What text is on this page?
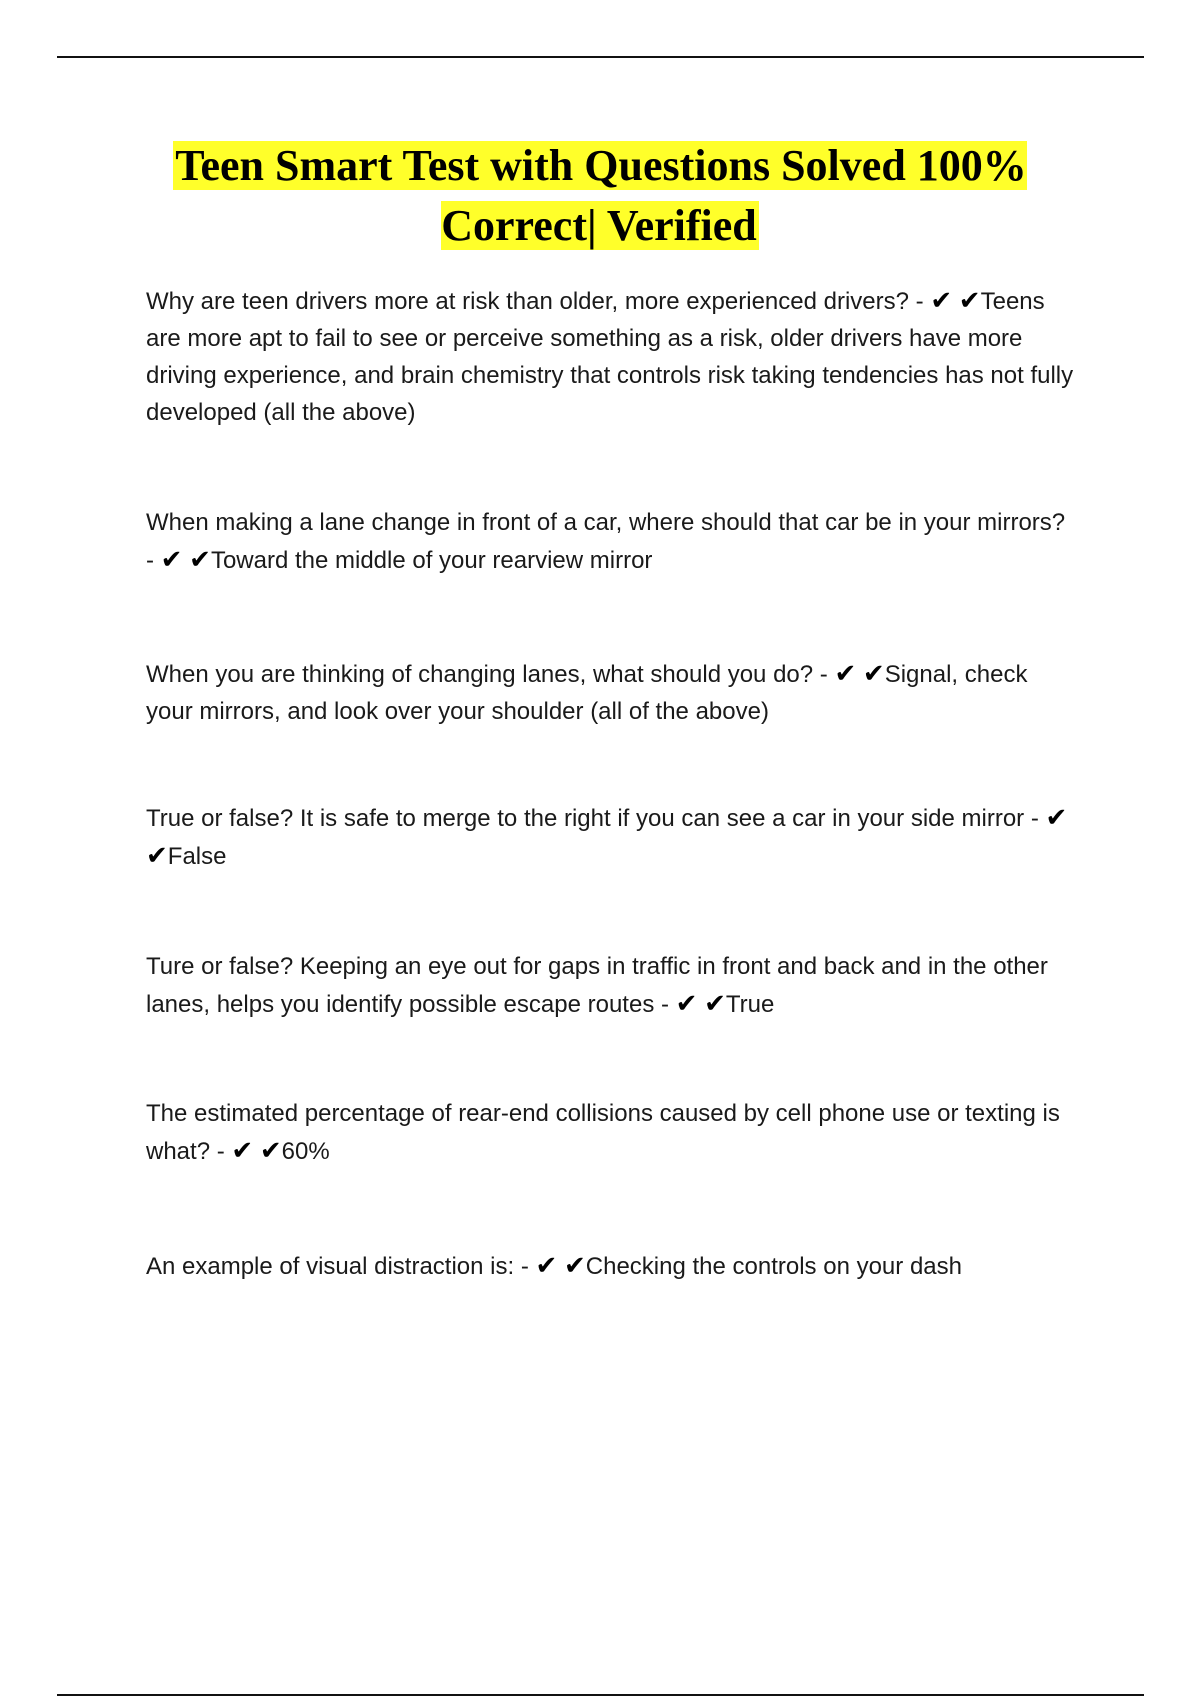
Teen Smart Test with Questions Solved 100% Correct| Verified

Why are teen drivers more at risk than older, more experienced drivers? - ✔ ✔Teens are more apt to fail to see or perceive something as a risk, older drivers have more driving experience, and brain chemistry that controls risk taking tendencies has not fully developed (all the above)

When making a lane change in front of a car, where should that car be in your mirrors? - ✔ ✔Toward the middle of your rearview mirror

When you are thinking of changing lanes, what should you do? - ✔ ✔Signal, check your mirrors, and look over your shoulder (all of the above)

True or false? It is safe to merge to the right if you can see a car in your side mirror - ✔ ✔False

Ture or false? Keeping an eye out for gaps in traffic in front and back and in the other lanes, helps you identify possible escape routes - ✔ ✔True

The estimated percentage of rear-end collisions caused by cell phone use or texting is what? - ✔ ✔60%

An example of visual distraction is: - ✔ ✔Checking the controls on your dash
